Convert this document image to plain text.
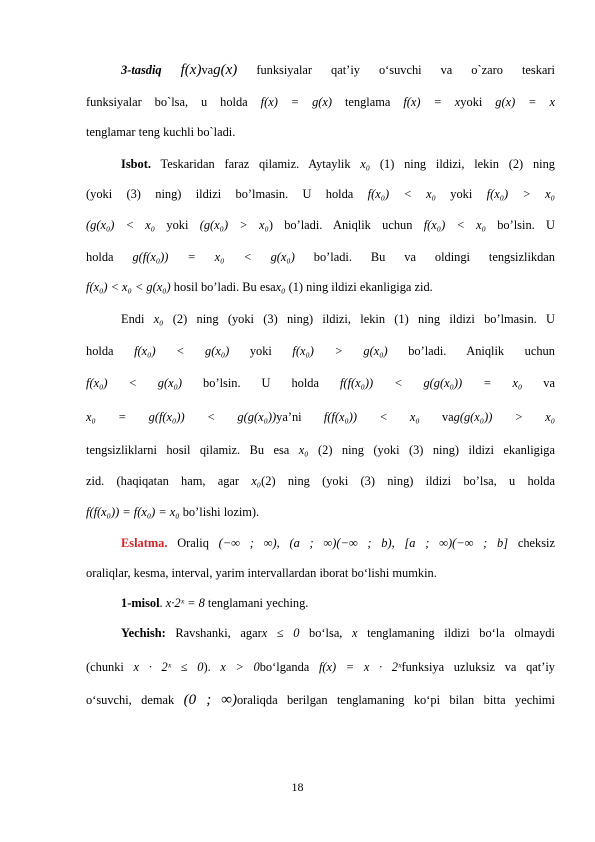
3-tasdiq f(x)vag(x) funksiyalar qat’iy o‘suvchi va o`zaro teskari
funksiyalar bo`lsa, u holda f(x) = g(x) tenglama f(x) = xyoki g(x) = x
tenglamar teng kuchli bo`ladi.
Isbot. Teskaridan faraz qilamiz. Aytaylik x₀ (1) ning ildizi, lekin (2) ning
(yoki (3) ning) ildizi bo’lmasin. U holda f(x₀) < x₀ yoki f(x₀) > x₀
(g(x₀) < x₀ yoki (g(x₀) > x₀) bo’ladi. Aniqlik uchun f(x₀) < x₀ bo’lsin. U
holda g(f(x₀)) = x₀ < g(x₀) bo’ladi. Bu va oldingi tengsizlikdan
f(x₀) < x₀ < g(x₀) hosil bo’ladi. Bu esax₀ (1) ning ildizi ekanligiga zid.
Endi x₀ (2) ning (yoki (3) ning) ildizi, lekin (1) ning ildizi bo’lmasin. U
holda f(x₀) < g(x₀) yoki f(x₀) > g(x₀) bo’ladi. Aniqlik uchun
f(x₀) < g(x₀) bo’lsin. U holda f(f(x₀)) < g(g(x₀)) = x₀ va
x₀ = g(f(x₀)) < g(g(x₀))ya’ni f(f(x₀)) < x₀ vag(g(x₀)) > x₀
tengsizliklarni hosil qilamiz. Bu esa x₀ (2) ning (yoki (3) ning) ildizi ekanligiga
zid. (haqiqatan ham, agar x₀(2) ning (yoki (3) ning) ildizi bo’lsa, u holda
f(f(x₀)) = f(x₀) = x₀ bo’lishi lozim).
Eslatma. Oraliq (−∞ ; ∞), (a ; ∞)(−∞ ; b), [a ; ∞)(−∞ ; b] cheksiz
oraliqlar, kesma, interval, yarim intervallardan iborat bo‘lishi mumkin.
1-misol. x·2ˣ = 8 tenglamani yeching.
Yechish: Ravshanki, agarx ≤ 0 bo‘lsa, x tenglamaning ildizi bo‘la olmaydi
(chunki x · 2ˣ ≤ 0). x > 0bo‘lganda f(x) = x · 2ˣfunksiya uzluksiz va qat’iy
o‘suvchi, demak (0 ; ∞)oraliqda berilgan tenglamaning ko‘pi bilan bitta yechimi
18
